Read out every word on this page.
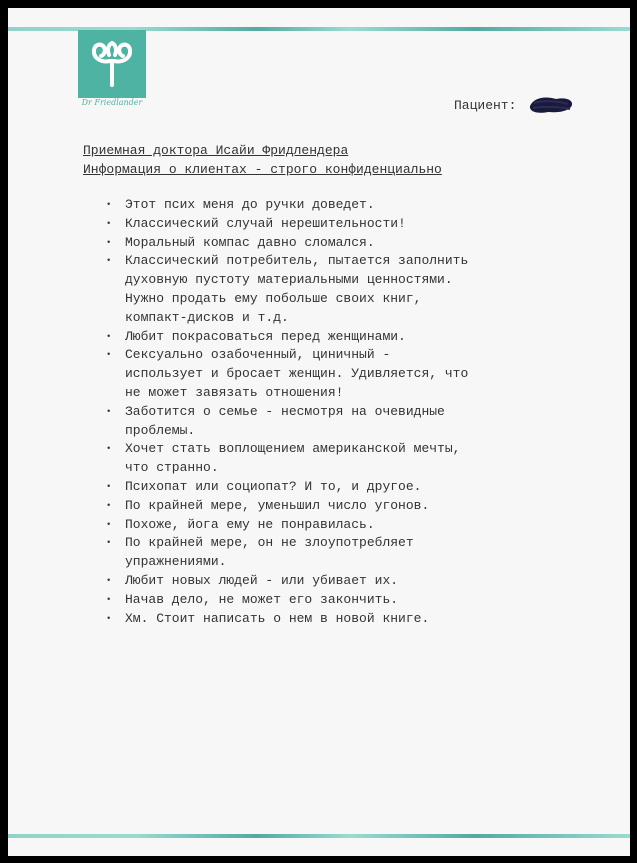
Dr Friedlander	Пациент:
Приемная доктора Исайи Фридлендера
Информация о клиентах - строго конфиденциально
• Этот псих меня до ручки доведет.
• Классический случай нерешительности!
• Моральный компас давно сломался.
• Классический потребитель, пытается заполнить
духовную пустоту материальными ценностями.
Нужно продать ему побольше своих книг,
компакт-дисков и т.д.
• Любит покрасоваться перед женщинами.
• Сексуально озабоченный, циничный -
использует и бросает женщин. Удивляется, что
не может завязать отношения!
• Заботится о семье - несмотря на очевидные
проблемы.
• Хочет стать воплощением американской мечты,
что странно.
• Психопат или социопат? И то, и другое.
• По крайней мере, уменьшил число угонов.
• Похоже, йога ему не понравилась.
• По крайней мере, он не злоупотребляет
упражнениями.
• Любит новых людей - или убивает их.
• Начав дело, не может его закончить.
• Хм. Стоит написать о нем в новой книге.
